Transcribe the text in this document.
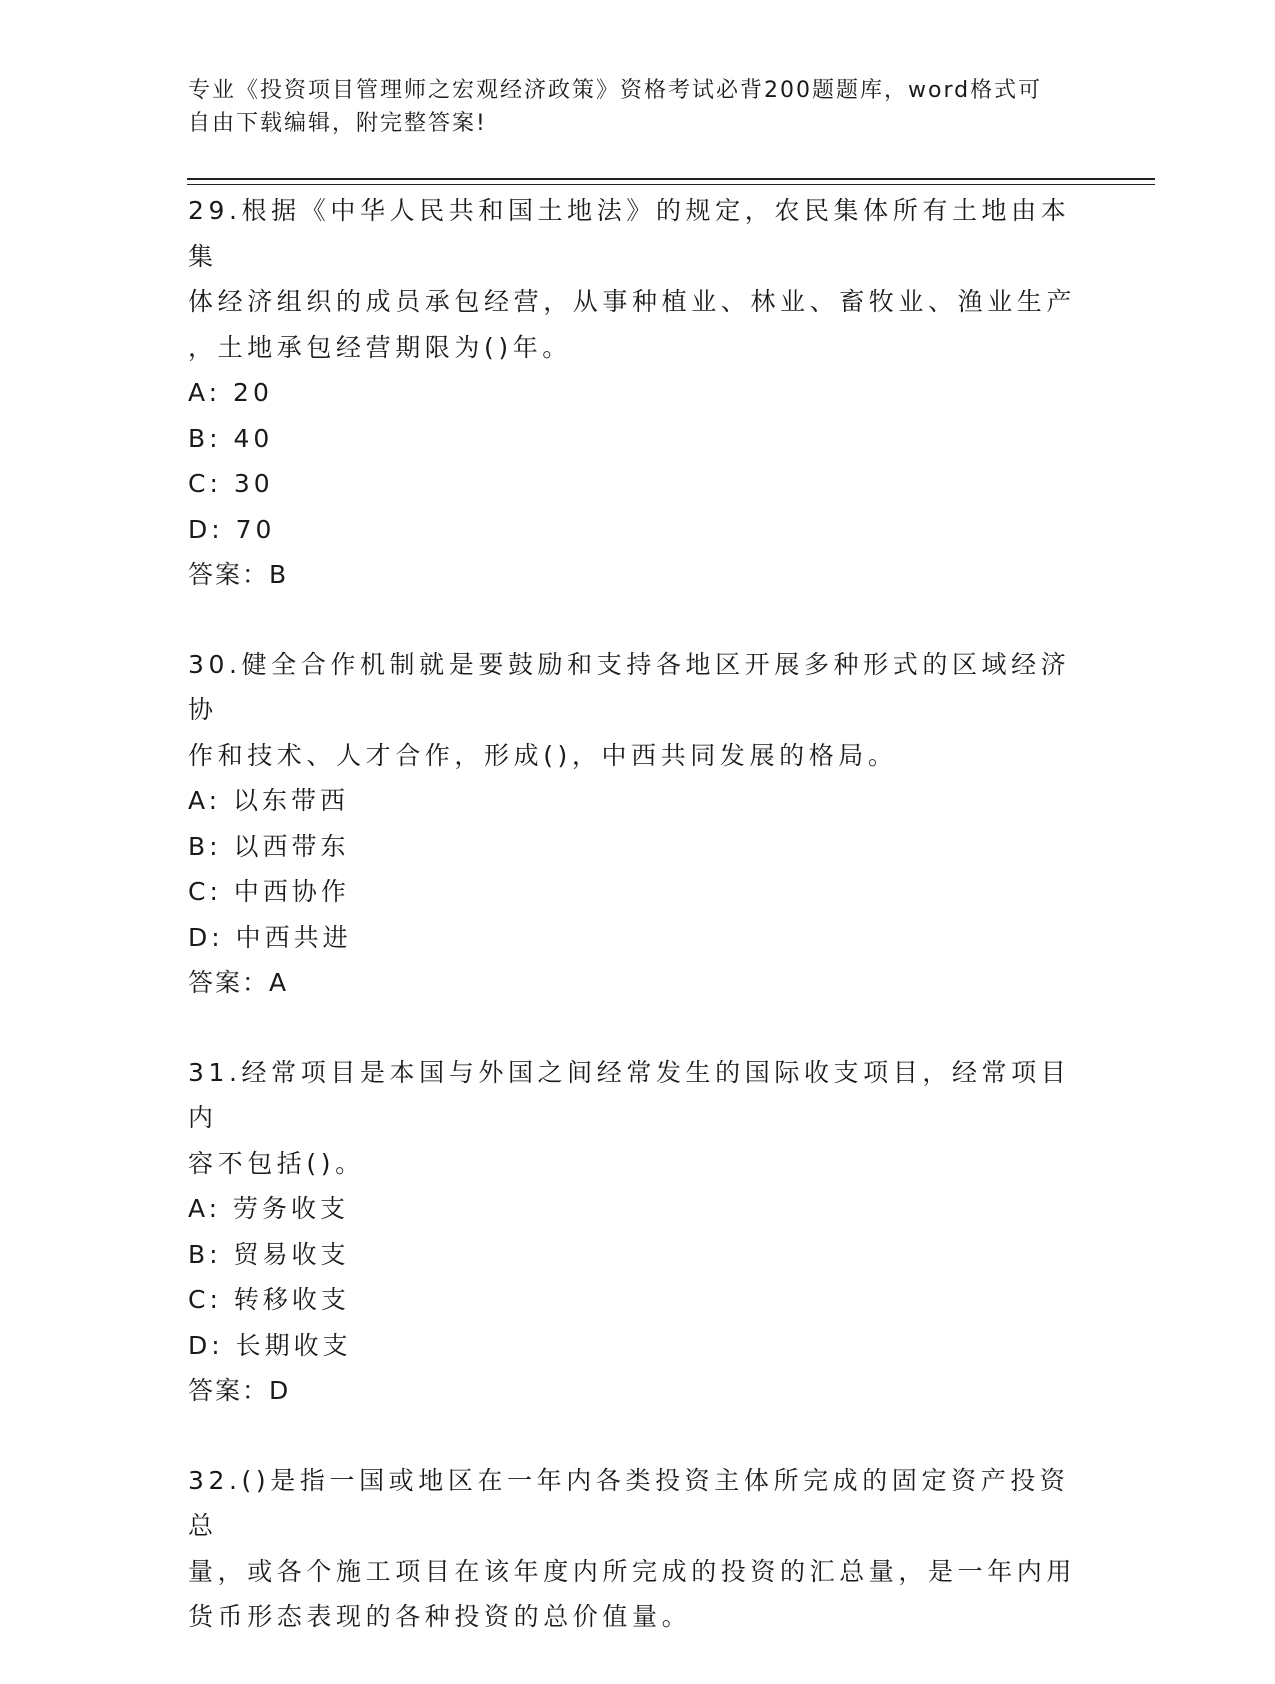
专业《投资项目管理师之宏观经济政策》资格考试必背200题题库，word格式可
自由下载编辑，附完整答案!

29.根据《中华人民共和国土地法》的规定，农民集体所有土地由本集

体经济组织的成员承包经营，从事种植业、林业、畜牧业、渔业生产

，土地承包经营期限为()年。

A: 20

B: 40

C: 30

D: 70

答案：B

30.健全合作机制就是要鼓励和支持各地区开展多种形式的区域经济协

作和技术、人才合作，形成()，中西共同发展的格局。

A: 以东带西

B: 以西带东

C: 中西协作

D: 中西共进

答案：A

31.经常项目是本国与外国之间经常发生的国际收支项目，经常项目内

容不包括()。

A: 劳务收支

B: 贸易收支

C: 转移收支

D: 长期收支

答案：D

32.()是指一国或地区在一年内各类投资主体所完成的固定资产投资总

量，或各个施工项目在该年度内所完成的投资的汇总量，是一年内用

货币形态表现的各种投资的总价值量。
